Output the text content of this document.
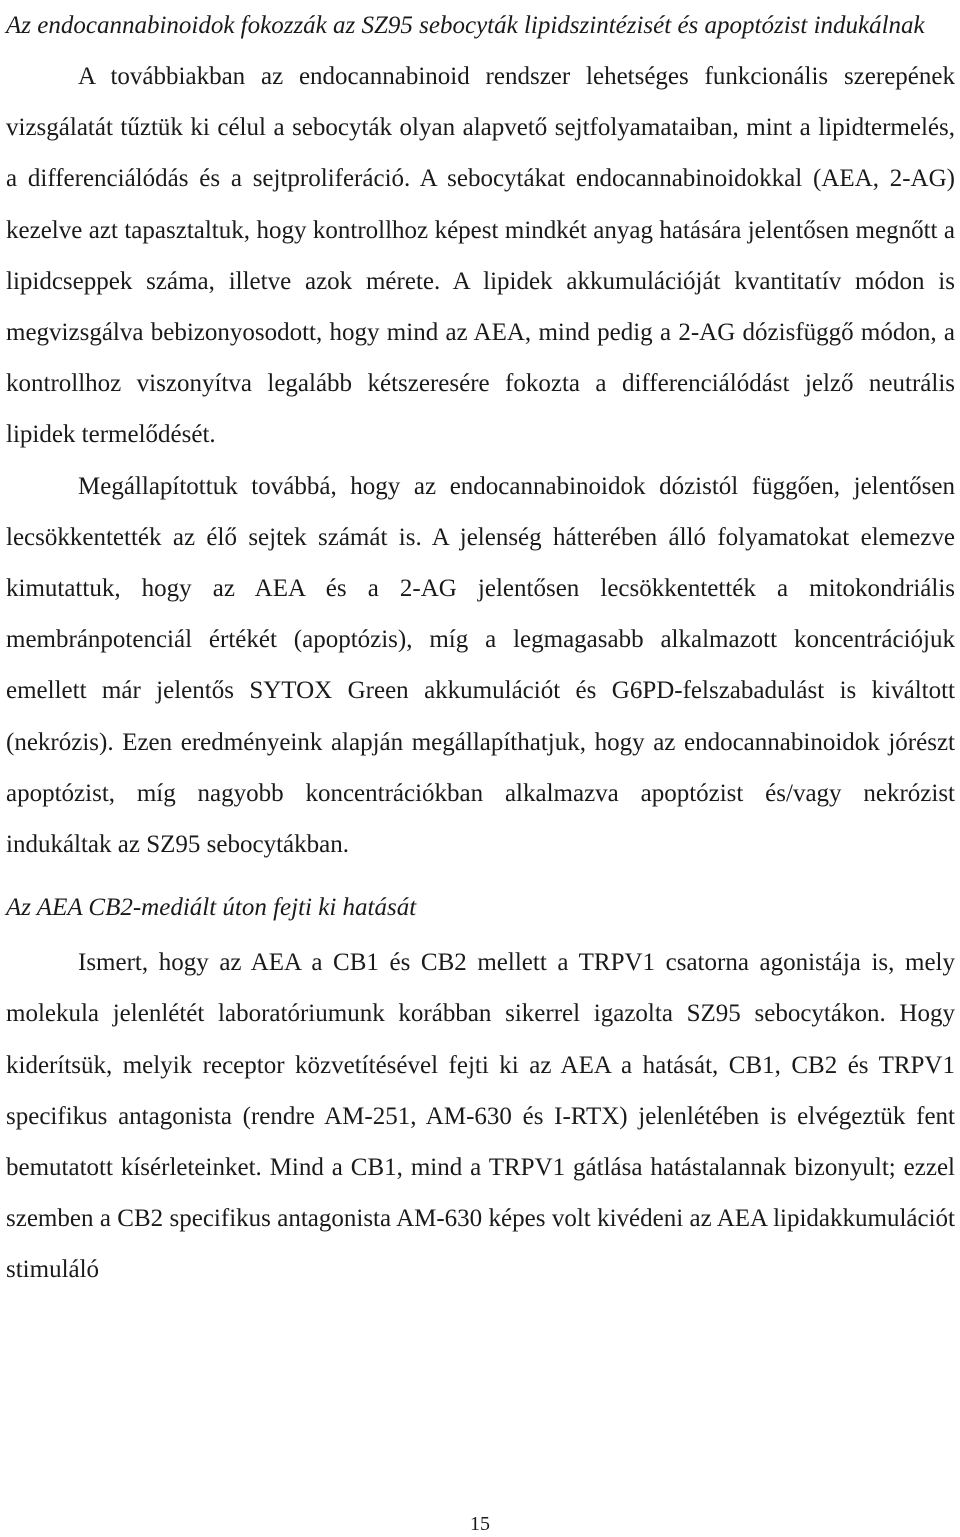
Az endocannabinoidok fokozzák az SZ95 sebocyták lipidszintézisét és apoptózist indukálnak

A továbbiakban az endocannabinoid rendszer lehetséges funkcionális szerepének vizsgálatát tűztük ki célul a sebocyták olyan alapvető sejtfolyamataiban, mint a lipidtermelés, a differenciálódás és a sejtproliferáció. A sebocytákat endocannabinoidokkal (AEA, 2-AG) kezelve azt tapasztaltuk, hogy kontrollhoz képest mindkét anyag hatására jelentősen megnőtt a lipidcseppek száma, illetve azok mérete. A lipidek akkumulációját kvantitatív módon is megvizsgálva bebizonyosodott, hogy mind az AEA, mind pedig a 2-AG dózisfüggő módon, a kontrollhoz viszonyítva legalább kétszeresére fokozta a differenciálódást jelző neutrális lipidek termelődését.

Megállapítottuk továbbá, hogy az endocannabinoidok dózistól függően, jelentősen lecsökkentették az élő sejtek számát is. A jelenség hátterében álló folyamatokat elemezve kimutattuk, hogy az AEA és a 2-AG jelentősen lecsökkentették a mitokondriális membránpotenciál értékét (apoptózis), míg a legmagasabb alkalmazott koncentrációjuk emellett már jelentős SYTOX Green akkumulációt és G6PD-felszabadulást is kiváltott (nekrózis). Ezen eredményeink alapján megállapíthatjuk, hogy az endocannabinoidok jórészt apoptózist, míg nagyobb koncentrációkban alkalmazva apoptózist és/vagy nekrózist indukáltak az SZ95 sebocytákban.

Az AEA CB2-mediált úton fejti ki hatását

Ismert, hogy az AEA a CB1 és CB2 mellett a TRPV1 csatorna agonistája is, mely molekula jelenlétét laboratóriumunk korábban sikerrel igazolta SZ95 sebocytákon. Hogy kiderítsük, melyik receptor közvetítésével fejti ki az AEA a hatását, CB1, CB2 és TRPV1 specifikus antagonista (rendre AM-251, AM-630 és I-RTX) jelenlétében is elvégeztük fent bemutatott kísérleteinket. Mind a CB1, mind a TRPV1 gátlása hatástalannak bizonyult; ezzel szemben a CB2 specifikus antagonista AM-630 képes volt kivédeni az AEA lipidakkumulációt stimuláló

15
